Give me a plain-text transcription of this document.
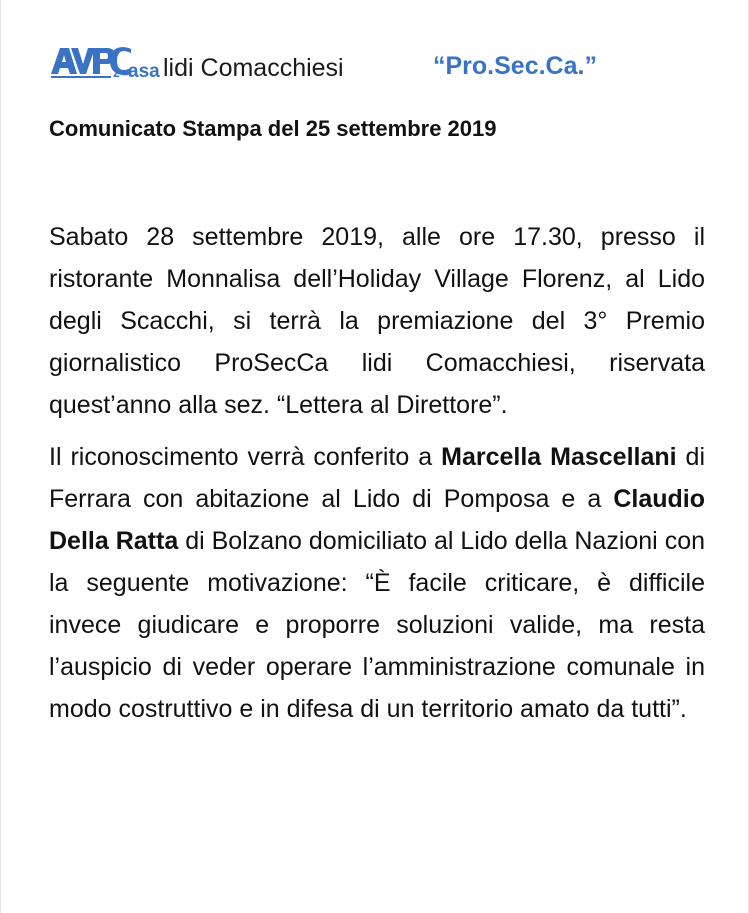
2 asa lidi Comacchiesi	“Pro.Sec.Ca.”
Comunicato Stampa del 25 settembre 2019

Sabato 28 settembre 2019, alle ore 17.30, presso il ristorante Monnalisa dell’Holiday Village Florenz, al Lido degli Scacchi, si terrà la premiazione del 3° Premio giornalistico ProSecCa lidi Comacchiesi, riservata quest’anno alla sez. “Lettera al Direttore”.

Il riconoscimento verrà conferito a Marcella Mascellani di Ferrara con abitazione al Lido di Pomposa e a Claudio Della Ratta di Bolzano domiciliato al Lido della Nazioni con la seguente motivazione: “È facile criticare, è difficile invece giudicare e proporre soluzioni valide, ma resta l’auspicio di veder operare l’amministrazione comunale in modo costruttivo e in difesa di un territorio amato da tutti”.
